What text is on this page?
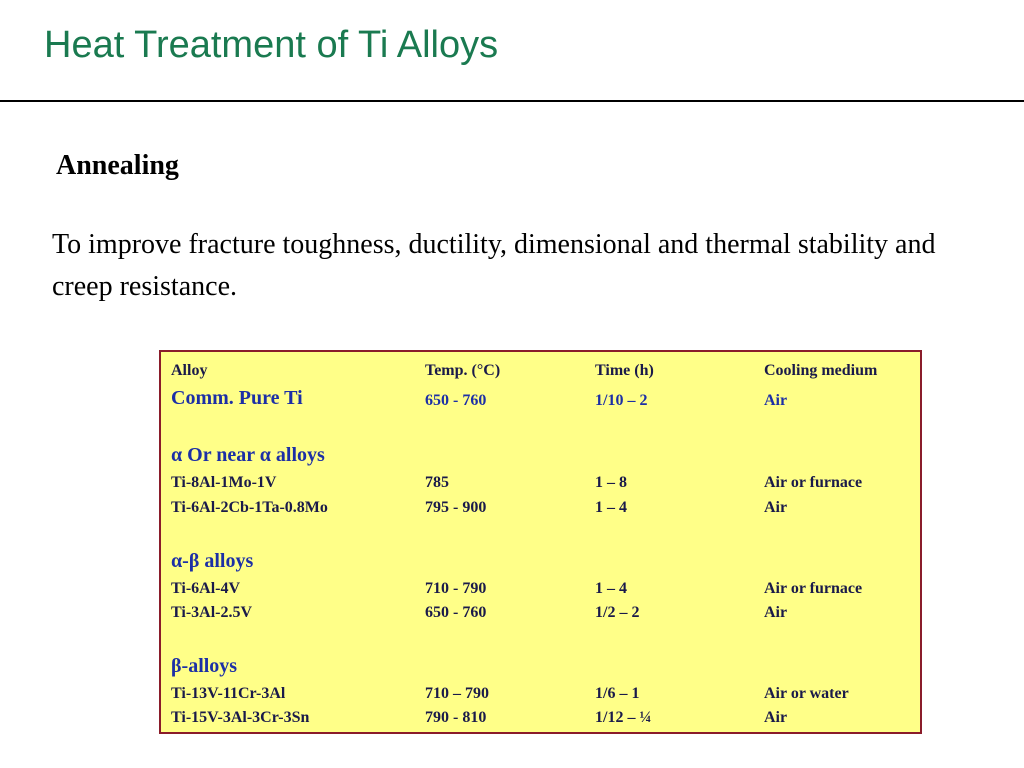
Heat Treatment of Ti Alloys
Annealing
To improve fracture toughness, ductility, dimensional and thermal stability and creep resistance.
Alloy	Temp. (°C)	Time (h)	Cooling medium
Comm. Pure Ti	650 - 760	1/10 – 2	Air
α Or near α alloys
Ti-8Al-1Mo-1V	785	1 – 8	Air or furnace
Ti-6Al-2Cb-1Ta-0.8Mo	795 - 900	1 – 4	Air
α-β alloys
Ti-6Al-4V	710 - 790	1 – 4	Air or furnace
Ti-3Al-2.5V	650 - 760	1/2 – 2	Air
β-alloys
Ti-13V-11Cr-3Al	710 – 790	1/6 – 1	Air or water
Ti-15V-3Al-3Cr-3Sn	790 - 810	1/12 – ¼	Air
